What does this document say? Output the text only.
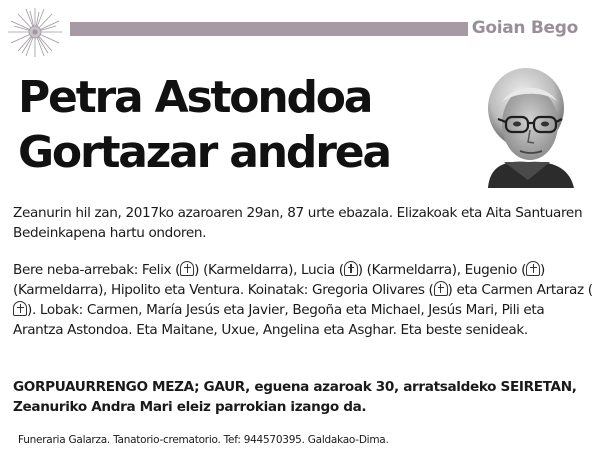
Goian Bego
Petra Astondoa
Gortazar andrea

Zeanurin hil zan, 2017ko azaroaren 29an, 87 urte ebazala. Elizakoak eta Aita Santuaren Bedeinkapena hartu ondoren.

Bere neba-arrebak: Felix ( ) (Karmeldarra), Lucia ( ) (Karmeldarra), Eugenio ( ) (Karmeldarra), Hipolito eta Ventura. Koinatak: Gregoria Olivares ( ) eta Carmen Artaraz (). Lobak: Carmen, María Jesús eta Javier, Begoña eta Michael, Jesús Mari, Pili eta Arantza Astondoa. Eta Maitane, Uxue, Angelina eta Asghar. Eta beste senideak.

GORPUAURRENGO MEZA; GAUR, eguena azaroak 30, arratsaldeko SEIRETAN, Zeanuriko Andra Mari eleiz parrokian izango da.

Funeraria Galarza. Tanatorio-crematorio. Tef: 944570395. Galdakao-Dima.
